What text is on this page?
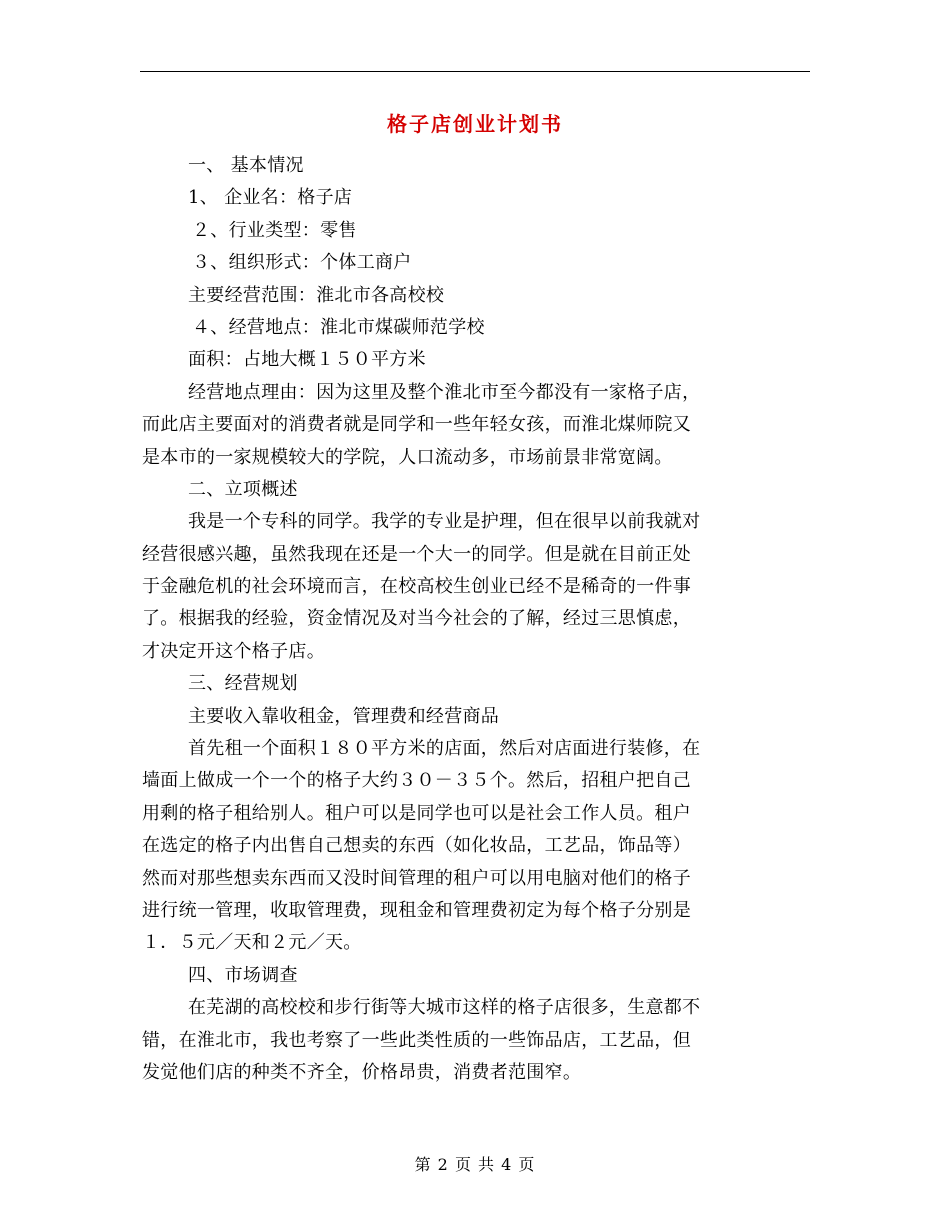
格子店创业计划书
一、 基本情况
1、 企业名：格子店
２、行业类型：零售
３、组织形式：个体工商户
主要经营范围：淮北市各高校校
４、经营地点：淮北市煤碳师范学校
面积：占地大概１５０平方米
经营地点理由：因为这里及整个淮北市至今都没有一家格子店，
而此店主要面对的消费者就是同学和一些年轻女孩，而淮北煤师院又
是本市的一家规模较大的学院，人口流动多，市场前景非常宽阔。
二、立项概述
我是一个专科的同学。我学的专业是护理，但在很早以前我就对
经营很感兴趣，虽然我现在还是一个大一的同学。但是就在目前正处
于金融危机的社会环境而言，在校高校生创业已经不是稀奇的一件事
了。根据我的经验，资金情况及对当今社会的了解，经过三思慎虑，
才决定开这个格子店。
三、经营规划
主要收入靠收租金，管理费和经营商品
首先租一个面积１８０平方米的店面，然后对店面进行装修，在
墙面上做成一个一个的格子大约３０－３５个。然后，招租户把自己
用剩的格子租给别人。租户可以是同学也可以是社会工作人员。租户
在选定的格子内出售自己想卖的东西（如化妆品，工艺品，饰品等）
然而对那些想卖东西而又没时间管理的租户可以用电脑对他们的格子
进行统一管理，收取管理费，现租金和管理费初定为每个格子分别是
１．５元／天和２元／天。
四、市场调查
在芜湖的高校校和步行街等大城市这样的格子店很多，生意都不
错，在淮北市，我也考察了一些此类性质的一些饰品店，工艺品，但
发觉他们店的种类不齐全，价格昂贵，消费者范围窄。
第 2 页 共 4 页
